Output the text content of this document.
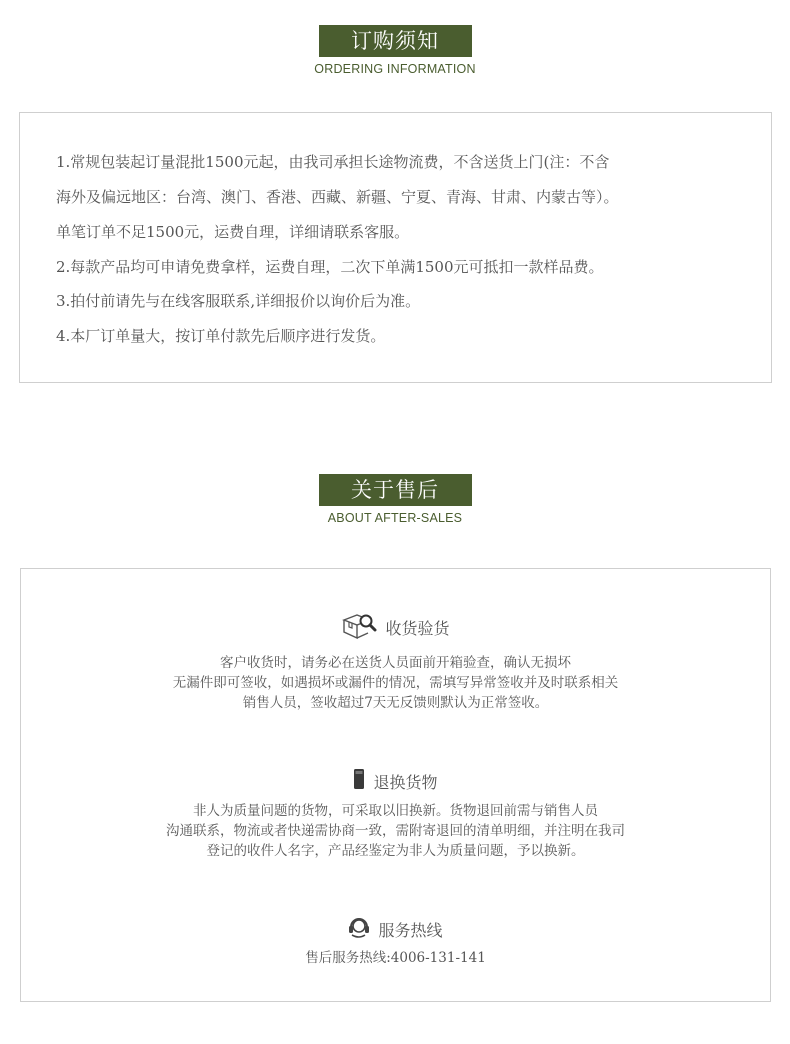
订购须知
ORDERING INFORMATION
1.常规包装起订量混批1500元起，由我司承担长途物流费，不含送货上门(注：不含
海外及偏远地区：台湾、澳门、香港、西藏、新疆、宁夏、青海、甘肃、内蒙古等）。
单笔订单不足1500元，运费自理，详细请联系客服。
2.每款产品均可申请免费拿样，运费自理，二次下单满1500元可抵扣一款样品费。
3.拍付前请先与在线客服联系,详细报价以询价后为准。
4.本厂订单量大，按订单付款先后顺序进行发货。
关于售后
ABOUT AFTER-SALES
收货验货
客户收货时，请务必在送货人员面前开箱验查，确认无损坏
无漏件即可签收，如遇损坏或漏件的情况，需填写异常签收并及时联系相关
销售人员，签收超过7天无反馈则默认为正常签收。
退换货物
非人为质量问题的货物，可采取以旧换新。货物退回前需与销售人员
沟通联系，物流或者快递需协商一致，需附寄退回的清单明细，并注明在我司
登记的收件人名字，产品经鉴定为非人为质量问题，予以换新。
服务热线
售后服务热线:4006-131-141
